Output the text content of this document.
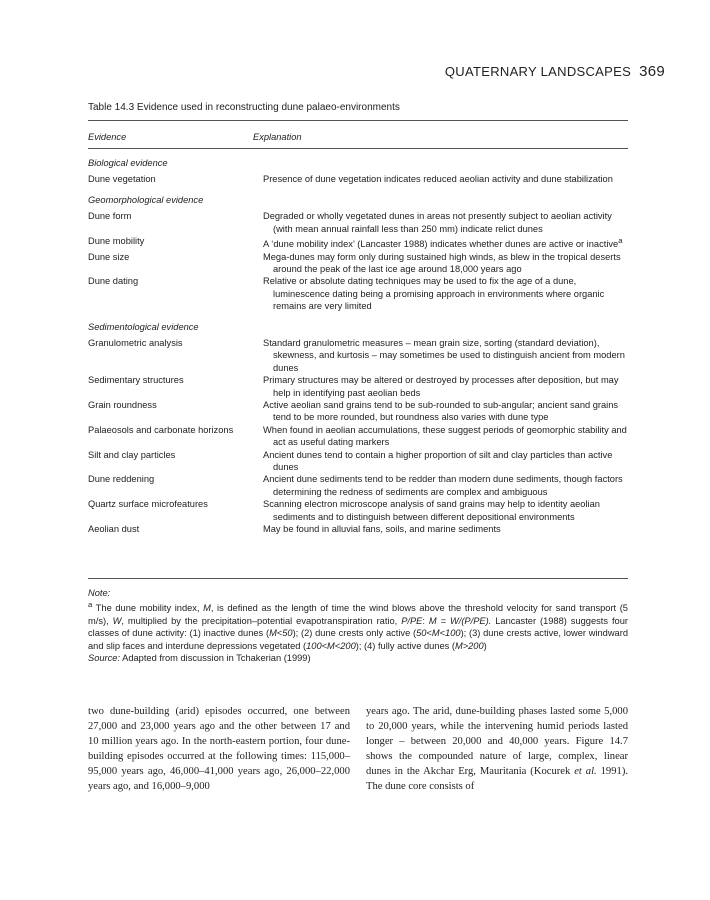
QUATERNARY LANDSCAPES 369
Table 14.3 Evidence used in reconstructing dune palaeo-environments
Evidence	Explanation
Biological evidence
Dune vegetation	Presence of dune vegetation indicates reduced aeolian activity and dune stabilization
Geomorphological evidence
Dune form	Degraded or wholly vegetated dunes in areas not presently subject to aeolian activity (with mean annual rainfall less than 250 mm) indicate relict dunes
Dune mobility	A ‘dune mobility index’ (Lancaster 1988) indicates whether dunes are active or inactive$^a$
Dune size	Mega-dunes may form only during sustained high winds, as blew in the tropical deserts around the peak of the last ice age around 18,000 years ago
Dune dating	Relative or absolute dating techniques may be used to fix the age of a dune, luminescence dating being a promising approach in environments where organic remains are very limited
Sedimentological evidence
Granulometric analysis	Standard granulometric measures – mean grain size, sorting (standard deviation), skewness, and kurtosis – may sometimes be used to distinguish ancient from modern dunes
Sedimentary structures	Primary structures may be altered or destroyed by processes after deposition, but may help in identifying past aeolian beds
Grain roundness	Active aeolian sand grains tend to be sub-rounded to sub-angular; ancient sand grains tend to be more rounded, but roundness also varies with dune type
Palaeosols and carbonate horizons	When found in aeolian accumulations, these suggest periods of geomorphic stability and act as useful dating markers
Silt and clay particles	Ancient dunes tend to contain a higher proportion of silt and clay particles than active dunes
Dune reddening	Ancient dune sediments tend to be redder than modern dune sediments, though factors determining the redness of sediments are complex and ambiguous
Quartz surface microfeatures	Scanning electron microscope analysis of sand grains may help to identity aeolian sediments and to distinguish between different depositional environments
Aeolian dust	May be found in alluvial fans, soils, and marine sediments
Note:
$^a$ The dune mobility index, M, is defined as the length of time the wind blows above the threshold velocity for sand transport (5 m/s), W, multiplied by the precipitation–potential evapotranspiration ratio, P/PE: M = W/(P/PE). Lancaster (1988) suggests four classes of dune activity: (1) inactive dunes (M<50); (2) dune crests only active (50<M<100); (3) dune crests active, lower windward and slip faces and interdune depressions vegetated (100<M<200); (4) fully active dunes (M>200)
Source: Adapted from discussion in Tchakerian (1999)
two dune-building (arid) episodes occurred, one between 27,000 and 23,000 years ago and the other between 17 and 10 million years ago. In the north-eastern portion, four dune-building episodes occurred at the following times: 115,000–95,000 years ago, 46,000–41,000 years ago, 26,000–22,000 years ago, and 16,000–9,000
years ago. The arid, dune-building phases lasted some 5,000 to 20,000 years, while the intervening humid periods lasted longer – between 20,000 and 40,000 years. Figure 14.7 shows the compounded nature of large, complex, linear dunes in the Akchar Erg, Mauritania (Kocurek et al. 1991). The dune core consists of
